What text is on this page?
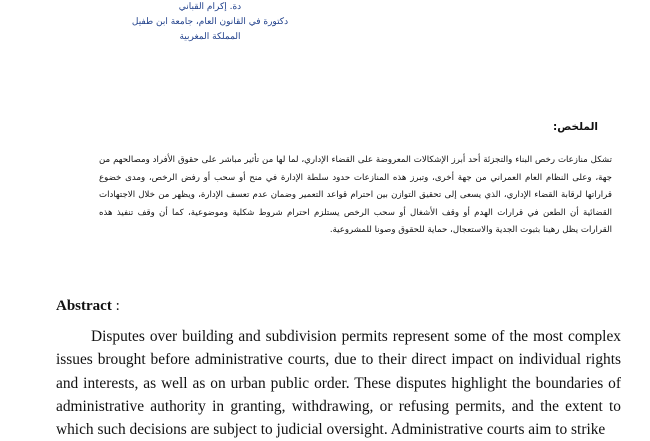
دة. إكرام القباني
دكتورة في القانون العام، جامعة ابن طفيل
المملكة المغربية
الملخص:

تشكل منازعات رخص البناء والتجزئة أحد أبرز الإشكالات المعروضة على القضاء الإداري، لما لها من تأثير مباشر على حقوق الأفراد ومصالحهم من جهة، وعلى النظام العام العمراني من جهة أخرى، وتبرز هذه المنازعات حدود سلطة الإدارة في منح أو سحب أو رفض الرخص، ومدى خضوع قراراتها لرقابة القضاء الإداري، الذي يسعى إلى تحقيق التوازن بين احترام قواعد التعمير وضمان عدم تعسف الإدارة، ويظهر من خلال الاجتهادات القضائية أن الطعن في قرارات الهدم أو وقف الأشغال أو سحب الرخص يستلزم احترام شروط شكلية وموضوعية، كما أن وقف تنفيذ هذه القرارات يظل رهينا بثبوت الجدية والاستعجال، حماية للحقوق وصونا للمشروعية.

Abstract :

Disputes over building and subdivision permits represent some of the most complex issues brought before administrative courts, due to their direct impact on individual rights and interests, as well as on urban public order. These disputes highlight the boundaries of administrative authority in granting, withdrawing, or refusing permits, and the extent to which such decisions are subject to judicial oversight. Administrative courts aim to strike
